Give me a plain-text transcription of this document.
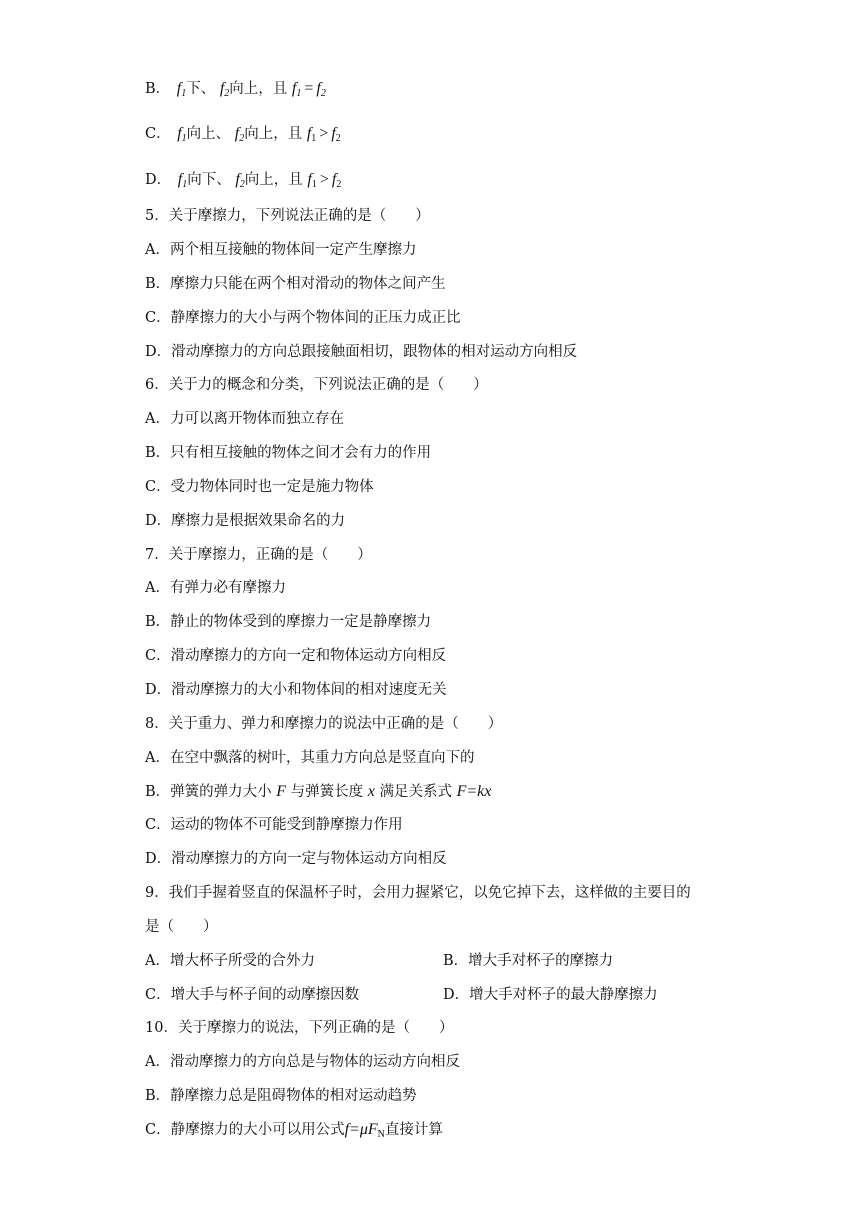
B． $f_1$下、 $f_2$向上，且 $f_1 = f_2$
C． $f_1$向上、 $f_2$向上，且 $f_1 > f_2$
D． $f_1$向下、 $f_2$向上，且 $f_1 > f_2$
5．关于摩擦力，下列说法正确的是（　　）
A．两个相互接触的物体间一定产生摩擦力
B．摩擦力只能在两个相对滑动的物体之间产生
C．静摩擦力的大小与两个物体间的正压力成正比
D．滑动摩擦力的方向总跟接触面相切，跟物体的相对运动方向相反
6．关于力的概念和分类，下列说法正确的是（　　）
A．力可以离开物体而独立存在
B．只有相互接触的物体之间才会有力的作用
C．受力物体同时也一定是施力物体
D．摩擦力是根据效果命名的力
7．关于摩擦力，正确的是（　　）
A．有弹力必有摩擦力
B．静止的物体受到的摩擦力一定是静摩擦力
C．滑动摩擦力的方向一定和物体运动方向相反
D．滑动摩擦力的大小和物体间的相对速度无关
8．关于重力、弹力和摩擦力的说法中正确的是（　　）
A．在空中飘落的树叶，其重力方向总是竖直向下的
B．弹簧的弹力大小 F 与弹簧长度 x 满足关系式 F=kx
C．运动的物体不可能受到静摩擦力作用
D．滑动摩擦力的方向一定与物体运动方向相反
9．我们手握着竖直的保温杯子时，会用力握紧它，以免它掉下去，这样做的主要目的
是（　　）
A．增大杯子所受的合外力	B．增大手对杯子的摩擦力
C．增大手与杯子间的动摩擦因数	D．增大手对杯子的最大静摩擦力
10．关于摩擦力的说法，下列正确的是（　　）
A．滑动摩擦力的方向总是与物体的运动方向相反
B．静摩擦力总是阻碍物体的相对运动趋势
C．静摩擦力的大小可以用公式$f=\mu F_N$直接计算
